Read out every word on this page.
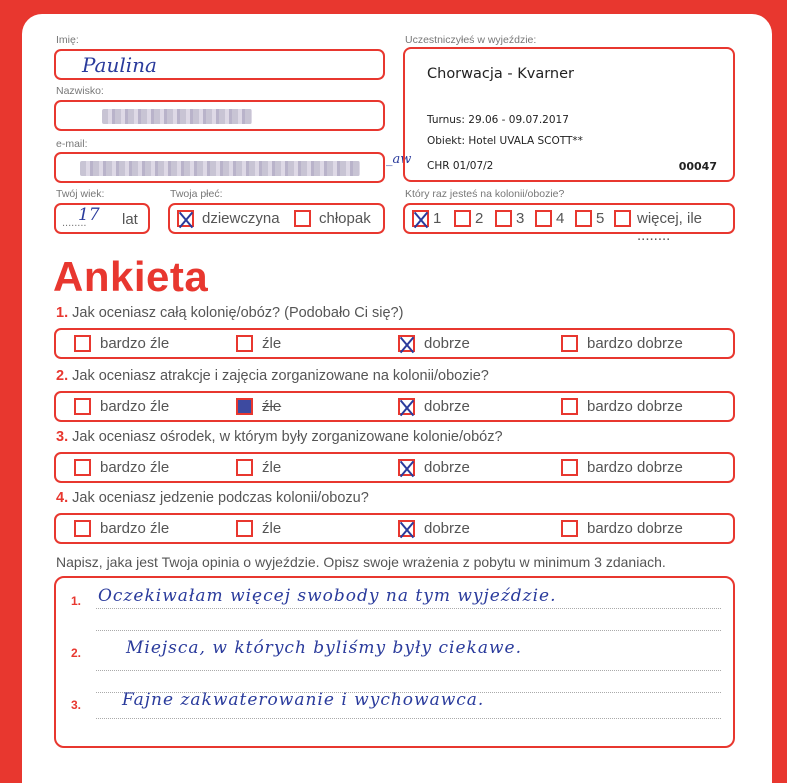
Imię:
Paulina
Nazwisko:
e-mail:
_aw
Twój wiek:
........
17 lat
Twoja płeć:
dziewczyna	chłopak
Uczestniczyłeś w wyjeździe:
Chorwacja - Kvarner
Turnus: 29.06 - 09.07.2017
Obiekt: Hotel UVALA SCOTT**
CHR 01/07/2	00047
Który raz jesteś na kolonii/obozie?
1 2 3 4 5 więcej, ile ........
Ankieta
1. Jak oceniasz całą kolonię/obóz? (Podobało Ci się?)
bardzo źle	źle	dobrze	bardzo dobrze
2. Jak oceniasz atrakcje i zajęcia zorganizowane na kolonii/obozie?
bardzo źle	źle	dobrze	bardzo dobrze
3. Jak oceniasz ośrodek, w którym były zorganizowane kolonie/obóz?
bardzo źle	źle	dobrze	bardzo dobrze
4. Jak oceniasz jedzenie podczas kolonii/obozu?
bardzo źle	źle	dobrze	bardzo dobrze
Napisz, jaka jest Twoja opinia o wyjeździe. Opisz swoje wrażenia z pobytu w minimum 3 zdaniach.
1. Oczekiwałam więcej swobody na tym wyjeździe.
2.	Miejsca, w których byliśmy były ciekawe.
3. Fajne zakwaterowanie i wychowawca.
